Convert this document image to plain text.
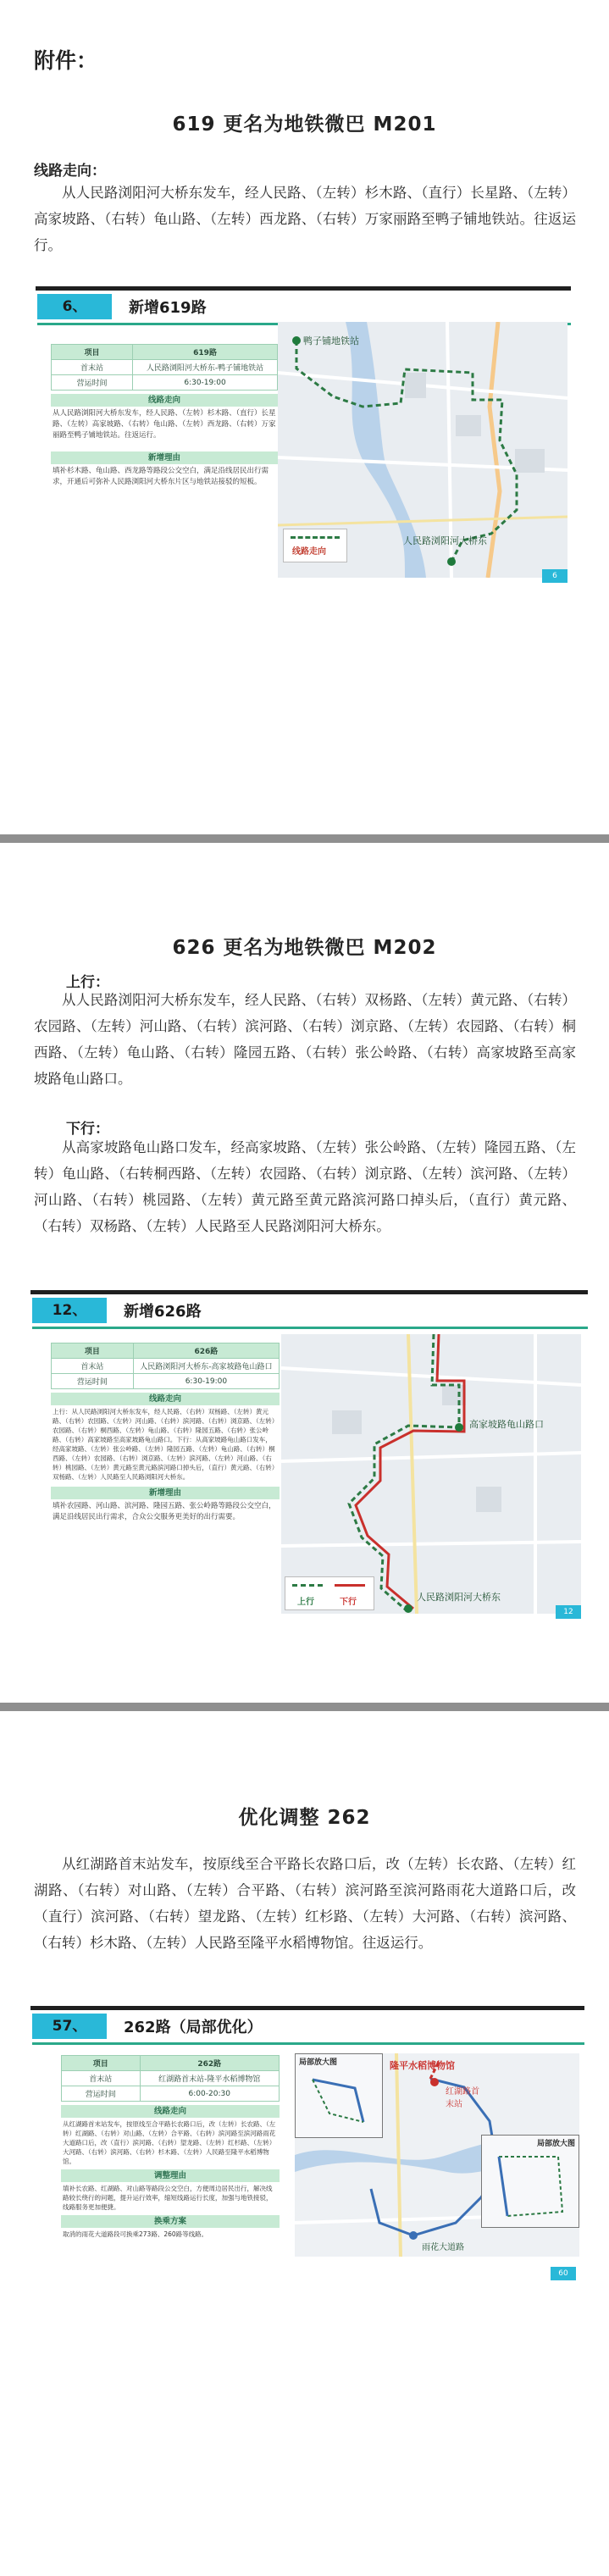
附件：
619 更名为地铁微巴 M201
线路走向：
从人民路浏阳河大桥东发车，经人民路、（左转）杉木路、（直行）长星路、（左转）高家坡路、（右转）龟山路、（左转）西龙路、（右转）万家丽路至鸭子铺地铁站。往返运行。
6、	新增619路
项目	619路
首末站	人民路浏阳河大桥东-鸭子铺地铁站
营运时间	6:30-19:00
线路走向
从人民路浏阳河大桥东发车，经人民路、（左转）杉木路、（直行）长星路、（左转）高家坡路、（右转）龟山路、（左转）西龙路、（右转）万家丽路至鸭子铺地铁站。往返运行。
新增理由
填补杉木路、龟山路、西龙路等路段公交空白，满足沿线居民出行需求，开通后可弥补人民路浏阳河大桥东片区与地铁站接驳的短板。
鸭子铺地铁站
人民路浏阳河大桥东
线路走向
6
626 更名为地铁微巴 M202
上行：
从人民路浏阳河大桥东发车，经人民路、（右转）双杨路、（左转）黄元路、（右转）农园路、（左转）河山路、（右转）滨河路、（右转）浏京路、（左转）农园路、（右转）桐西路、（左转）龟山路、（右转）隆园五路、（右转）张公岭路、（右转）高家坡路至高家坡路龟山路口。
下行：
从高家坡路龟山路口发车，经高家坡路、（左转）张公岭路、（左转）隆园五路、（左转）龟山路、（右转桐西路、（左转）农园路、（右转）浏京路、（左转）滨河路、（左转）河山路、（右转）桃园路、（左转）黄元路至黄元路滨河路口掉头后，（直行）黄元路、（右转）双杨路、（左转）人民路至人民路浏阳河大桥东。
12、	新增626路
项目	626路
首末站	人民路浏阳河大桥东-高家坡路龟山路口
营运时间	6:30-19:00
线路走向
上行：从人民路浏阳河大桥东发车，经人民路、（右转）双杨路、（左转）黄元路、（右转）农园路、（左转）河山路、（右转）滨河路、（右转）浏京路、（左转）农园路、（右转）桐西路、（左转）龟山路、（右转）隆园五路、（右转）张公岭路、（右转）高家坡路至高家坡路龟山路口。下行：从高家坡路龟山路口发车，经高家坡路、（左转）张公岭路、（左转）隆园五路、（左转）龟山路、（右转）桐西路、（左转）农园路、（右转）浏京路、（左转）滨河路、（左转）河山路、（右转）桃园路、（左转）黄元路至黄元路滨河路口掉头后，（直行）黄元路、（右转）双杨路、（左转）人民路至人民路浏阳河大桥东。
新增理由
填补农园路、河山路、滨河路、隆园五路、张公岭路等路段公交空白，满足沿线居民出行需求，合众公交服务更美好的出行需要。
高家坡路龟山路口
人民路浏阳河大桥东
上行	下行
12
优化调整 262
从红湖路首末站发车，按原线至合平路长农路口后，改（左转）长农路、（左转）红湖路、（右转）对山路、（左转）合平路、（右转）滨河路至滨河路雨花大道路口后，改（直行）滨河路、（右转）望龙路、（左转）红杉路、（左转）大河路、（右转）滨河路、（右转）杉木路、（左转）人民路至隆平水稻博物馆。往返运行。
57、	262路（局部优化）
项目	262路
首末站	红湖路首末站-隆平水稻博物馆
营运时间	6:00-20:30
线路走向
从红湖路首末站发车，按原线至合平路长农路口后，改（左转）长农路、（左转）红湖路、（右转）对山路、（左转）合平路、（右转）滨河路至滨河路雨花大道路口后，改（直行）滨河路、（右转）望龙路、（左转）红杉路、（左转）大河路、（右转）滨河路、（右转）杉木路、（左转）人民路至隆平水稻博物馆。
调整理由
填补长农路、红湖路、对山路等路段公交空白，方便周边居民出行，解决线路较长绕行的问题，提升运行效率，缩短线路运行长度，加强与地铁接驳，线路服务更加便捷。
换乘方案
取消的雨花大道路段可换乘273路、260路等线路。
局部放大图
局部放大图
隆平水稻博物馆
红湖路首末站
雨花大道路
60
